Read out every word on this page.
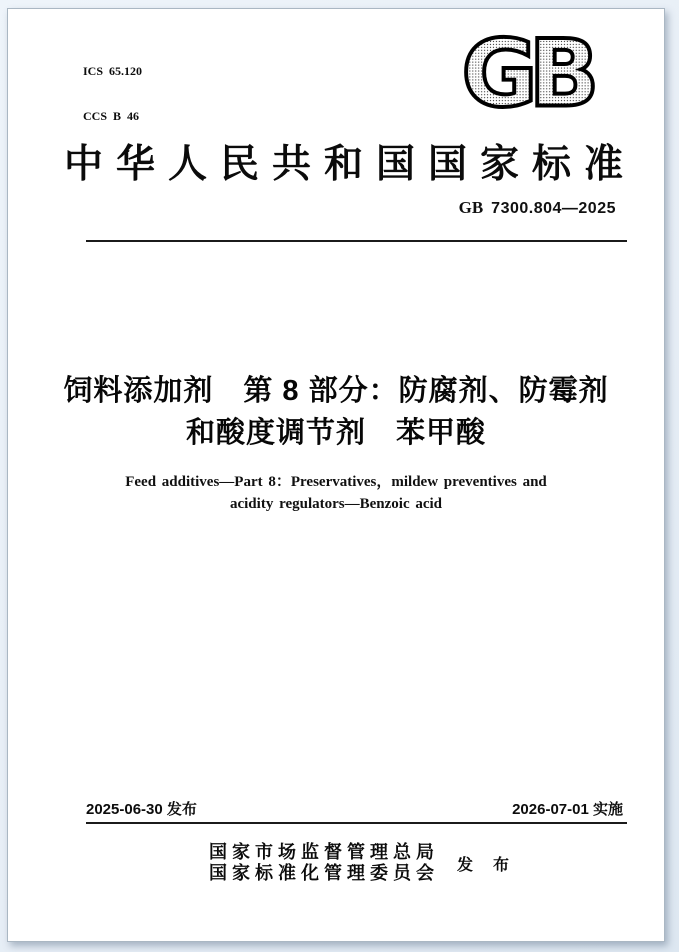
ICS  65.120

CCS  B  46

	GB
中华人民共和国国家标准
GB 7300.804—2025
饲料添加剂　第 8 部分：防腐剂、防霉剂
和酸度调节剂　苯甲酸
Feed additives—Part 8：Preservatives，mildew preventives and
acidity regulators—Benzoic acid
2025-06-30 发布	2026-07-01 实施
国家市场监督管理总局
国家标准化管理委员会 发　布
